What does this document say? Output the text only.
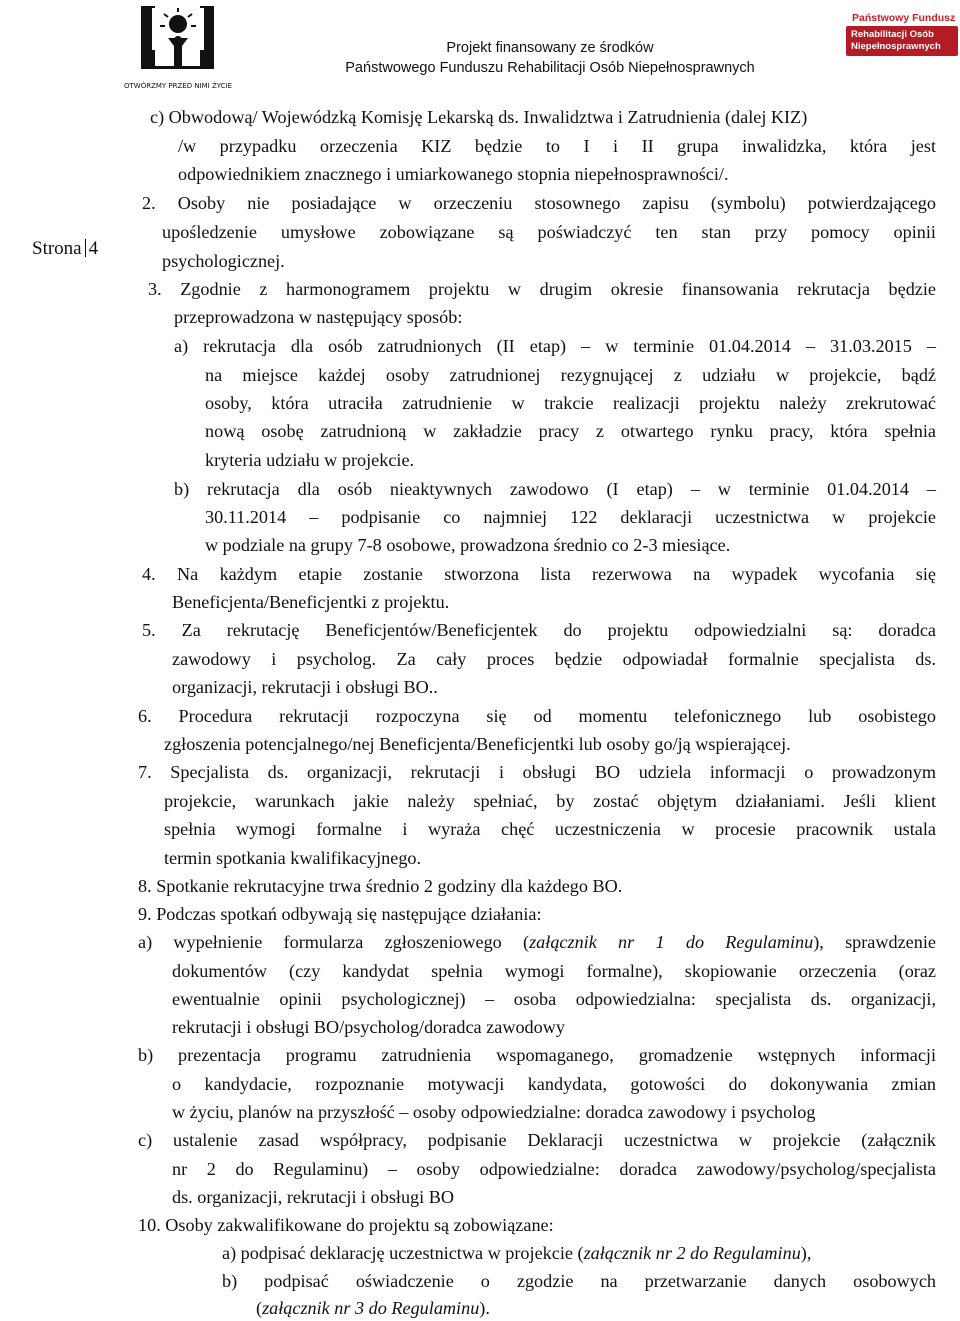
OTWÓRZMY PRZED NIMI ŻYCIE
Projekt finansowany ze środków
Państwowego Funduszu Rehabilitacji Osób Niepełnosprawnych
Państwowy Fundusz
Rehabilitacji Osób
Niepełnosprawnych
Strona 4
c) Obwodową/ Wojewódzką Komisję Lekarską ds. Inwalidztwa i Zatrudnienia (dalej KIZ)
/w przypadku orzeczenia KIZ będzie to I i II grupa inwalidzka, która jest
odpowiednikiem znacznego i umiarkowanego stopnia niepełnosprawności/.
2. Osoby nie posiadające w orzeczeniu stosownego zapisu (symbolu) potwierdzającego
upośledzenie umysłowe zobowiązane są poświadczyć ten stan przy pomocy opinii
psychologicznej.
3. Zgodnie z harmonogramem projektu w drugim okresie finansowania rekrutacja będzie
przeprowadzona w następujący sposób:
a) rekrutacja dla osób zatrudnionych (II etap) – w terminie 01.04.2014 – 31.03.2015 –
na miejsce każdej osoby zatrudnionej rezygnującej z udziału w projekcie, bądź
osoby, która utraciła zatrudnienie w trakcie realizacji projektu należy zrekrutować
nową osobę zatrudnioną w zakładzie pracy z otwartego rynku pracy, która spełnia
kryteria udziału w projekcie.
b) rekrutacja dla osób nieaktywnych zawodowo (I etap) – w terminie 01.04.2014 –
30.11.2014 – podpisanie co najmniej 122 deklaracji uczestnictwa w projekcie
w podziale na grupy 7-8 osobowe, prowadzona średnio co 2-3 miesiące.
4. Na każdym etapie zostanie stworzona lista rezerwowa na wypadek wycofania się
Beneficjenta/Beneficjentki z projektu.
5. Za rekrutację Beneficjentów/Beneficjentek do projektu odpowiedzialni są: doradca
zawodowy i psycholog. Za cały proces będzie odpowiadał formalnie specjalista ds.
organizacji, rekrutacji i obsługi BO..
6. Procedura rekrutacji rozpoczyna się od momentu telefonicznego lub osobistego
zgłoszenia potencjalnego/nej Beneficjenta/Beneficjentki lub osoby go/ją wspierającej.
7. Specjalista ds. organizacji, rekrutacji i obsługi BO udziela informacji o prowadzonym
projekcie, warunkach jakie należy spełniać, by zostać objętym działaniami. Jeśli klient
spełnia wymogi formalne i wyraża chęć uczestniczenia w procesie pracownik ustala
termin spotkania kwalifikacyjnego.
8. Spotkanie rekrutacyjne trwa średnio 2 godziny dla każdego BO.
9. Podczas spotkań odbywają się następujące działania:
a) wypełnienie formularza zgłoszeniowego (załącznik nr 1 do Regulaminu), sprawdzenie
dokumentów (czy kandydat spełnia wymogi formalne), skopiowanie orzeczenia (oraz
ewentualnie opinii psychologicznej) – osoba odpowiedzialna: specjalista ds. organizacji,
rekrutacji i obsługi BO/psycholog/doradca zawodowy
b) prezentacja programu zatrudnienia wspomaganego, gromadzenie wstępnych informacji
o kandydacie, rozpoznanie motywacji kandydata, gotowości do dokonywania zmian
w życiu, planów na przyszłość – osoby odpowiedzialne: doradca zawodowy i psycholog
c) ustalenie zasad współpracy, podpisanie Deklaracji uczestnictwa w projekcie (załącznik
nr 2 do Regulaminu) – osoby odpowiedzialne: doradca zawodowy/psycholog/specjalista
ds. organizacji, rekrutacji i obsługi BO
10. Osoby zakwalifikowane do projektu są zobowiązane:
a) podpisać deklarację uczestnictwa w projekcie (załącznik nr 2 do Regulaminu),
b) podpisać oświadczenie o zgodzie na przetwarzanie danych osobowych
(załącznik nr 3 do Regulaminu).
